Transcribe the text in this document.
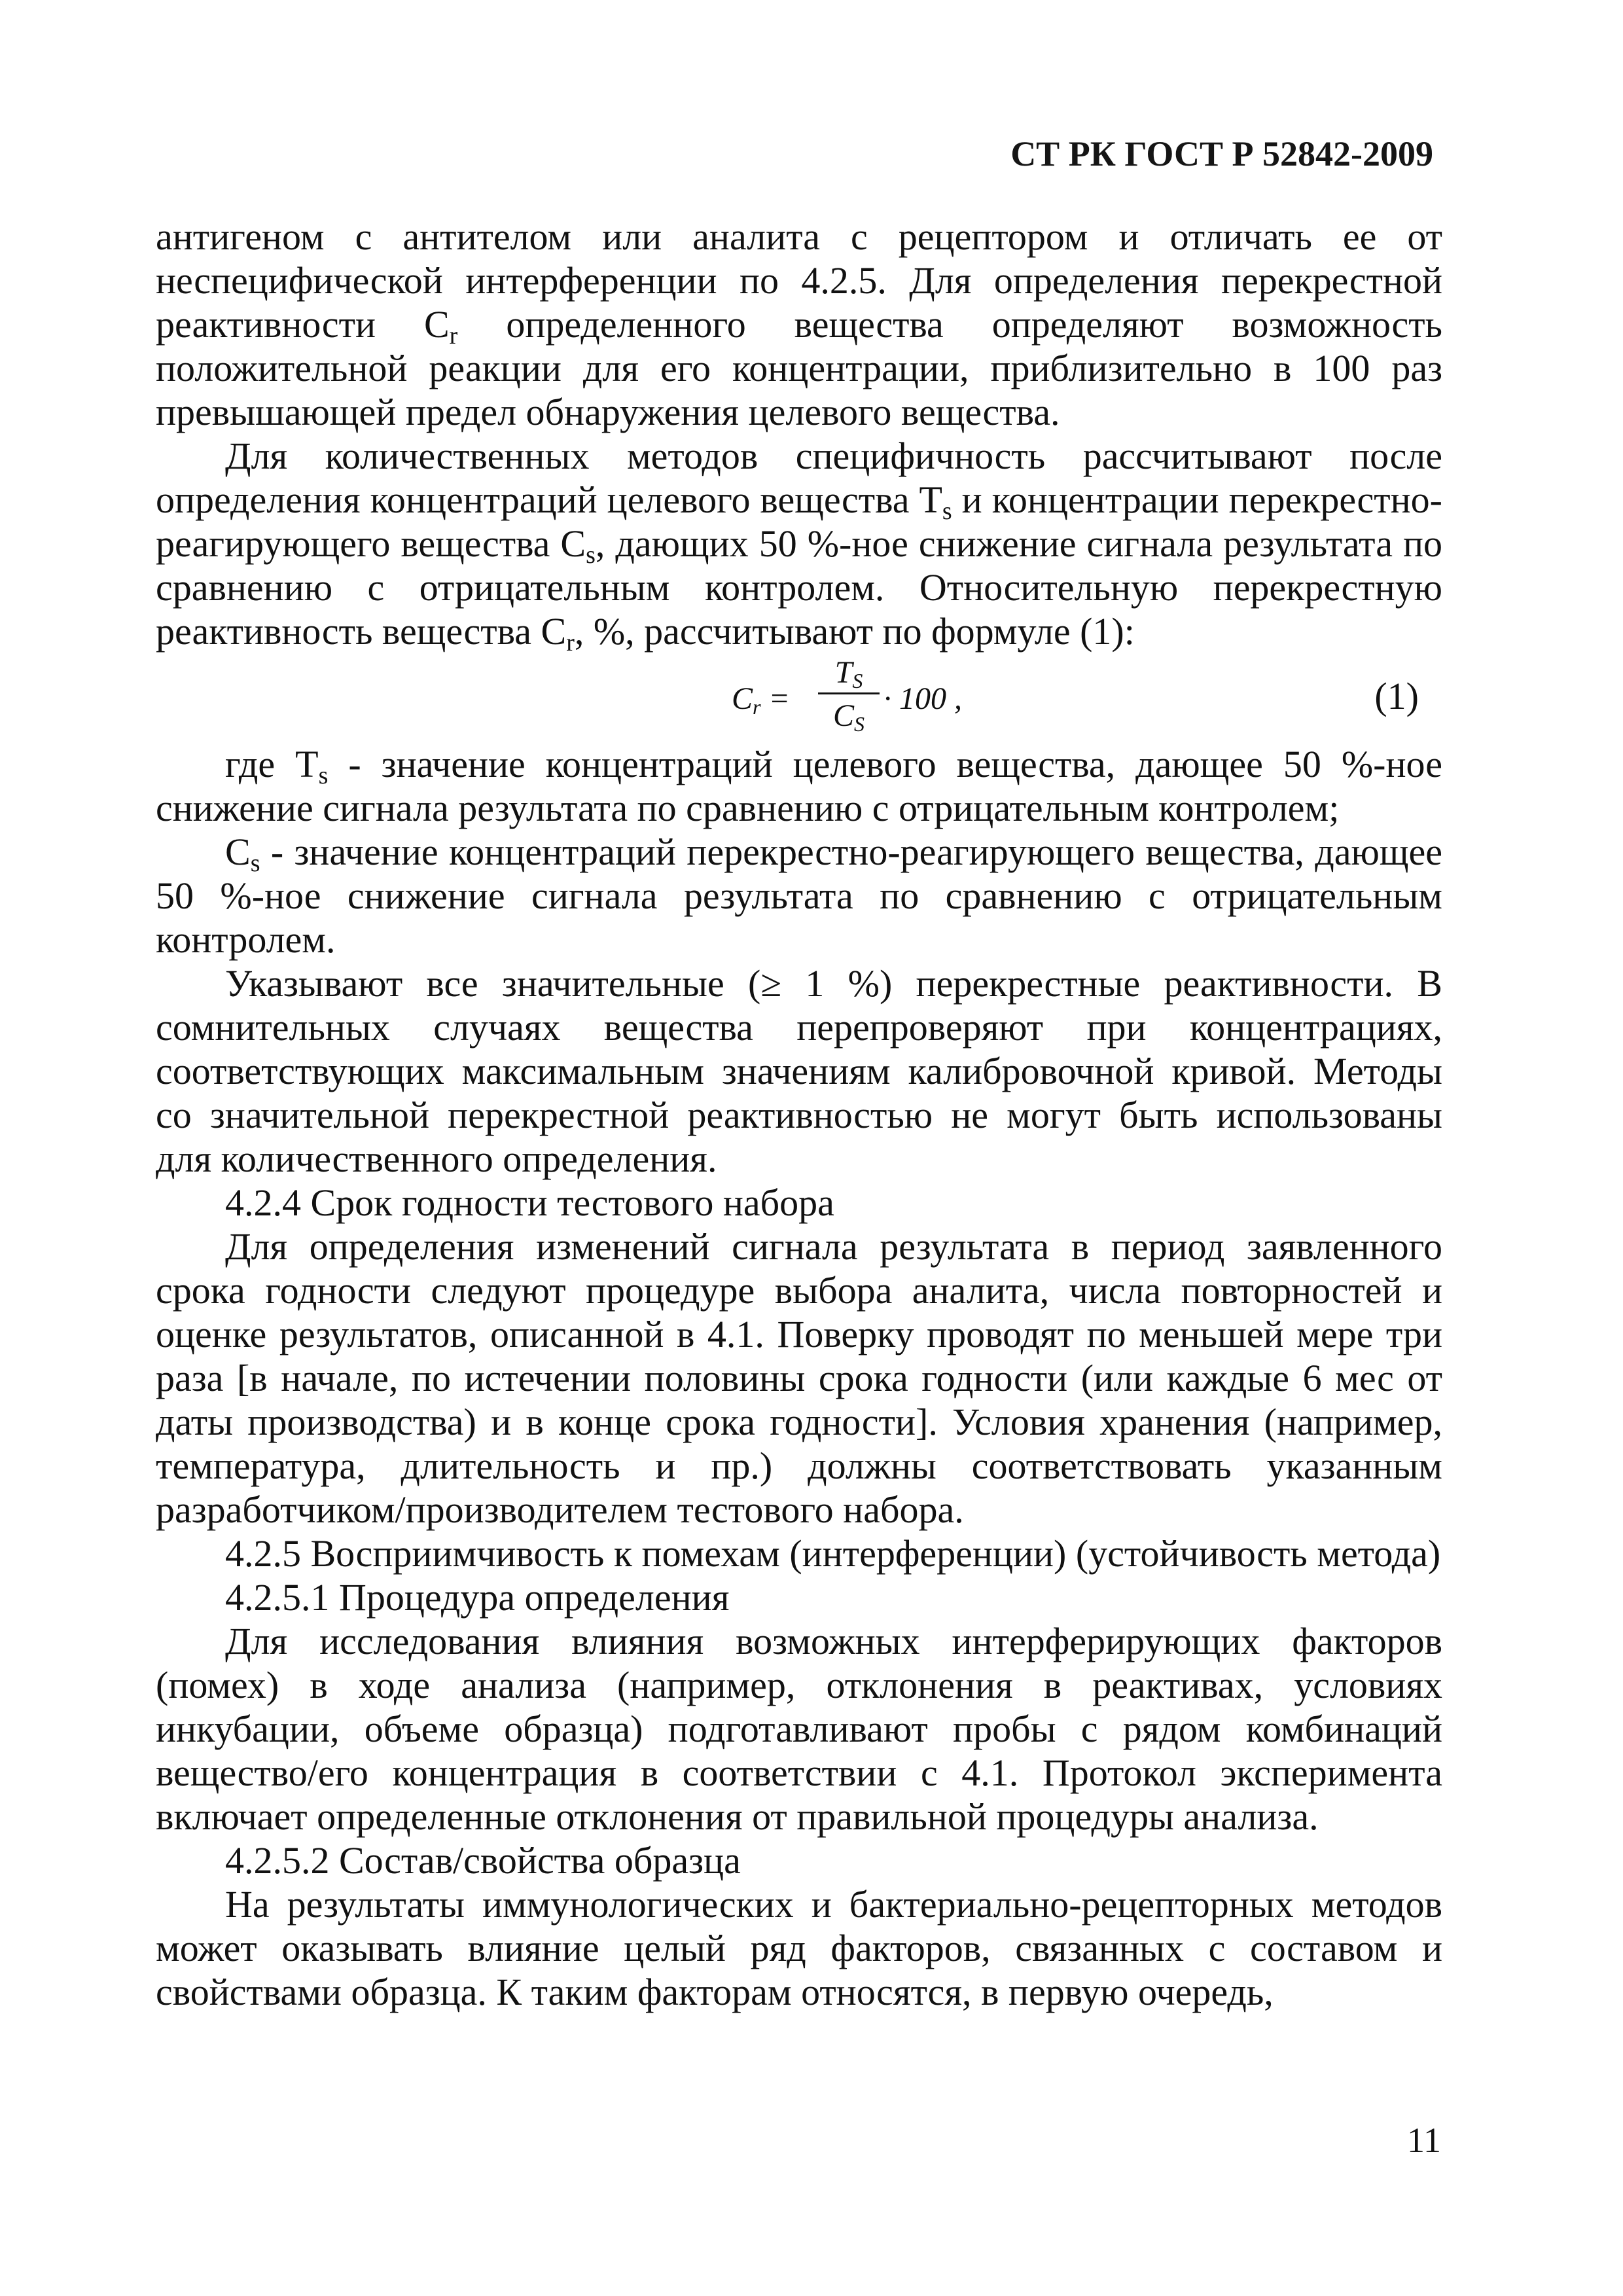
СТ РК ГОСТ Р 52842-2009

антигеном с антителом или аналита с рецептором и отличать ее от неспецифической интерференции по 4.2.5. Для определения перекрестной реактивности $C_r$ определенного вещества определяют возможность положительной реакции для его концентрации, приблизительно в 100 раз превышающей предел обнаружения целевого вещества.

Для количественных методов специфичность рассчитывают после определения концентраций целевого вещества $T_s$ и концентрации перекрестно-реагирующего вещества $C_s$, дающих 50 %-ное снижение сигнала результата по сравнению с отрицательным контролем. Относительную перекрестную реактивность вещества $C_r$, %, рассчитывают по формуле (1):

Cr =
TS
CS
· 100 ,	(1)

где $T_s$ - значение концентраций целевого вещества, дающее 50 %-ное снижение сигнала результата по сравнению с отрицательным контролем;

$C_s$ - значение концентраций перекрестно-реагирующего вещества, дающее 50 %-ное снижение сигнала результата по сравнению с отрицательным контролем.

Указывают все значительные (≥ 1 %) перекрестные реактивности. В сомнительных случаях вещества перепроверяют при концентрациях, соответствующих максимальным значениям калибровочной кривой. Методы со значительной перекрестной реактивностью не могут быть использованы для количественного определения.

4.2.4 Срок годности тестового набора

Для определения изменений сигнала результата в период заявленного срока годности следуют процедуре выбора аналита, числа повторностей и оценке результатов, описанной в 4.1. Поверку проводят по меньшей мере три раза [в начале, по истечении половины срока годности (или каждые 6 мес от даты производства) и в конце срока годности]. Условия хранения (например, температура, длительность и пр.) должны соответствовать указанным разработчиком/производителем тестового набора.

4.2.5 Восприимчивость к помехам (интерференции) (устойчивость метода)

4.2.5.1 Процедура определения

Для исследования влияния возможных интерферирующих факторов (помех) в ходе анализа (например, отклонения в реактивах, условиях инкубации, объеме образца) подготавливают пробы с рядом комбинаций вещество/его концентрация в соответствии с 4.1. Протокол эксперимента включает определенные отклонения от правильной процедуры анализа.

4.2.5.2 Состав/свойства образца

На результаты иммунологических и бактериально-рецепторных методов может оказывать влияние целый ряд факторов, связанных с составом и свойствами образца. К таким факторам относятся, в первую очередь,

11
